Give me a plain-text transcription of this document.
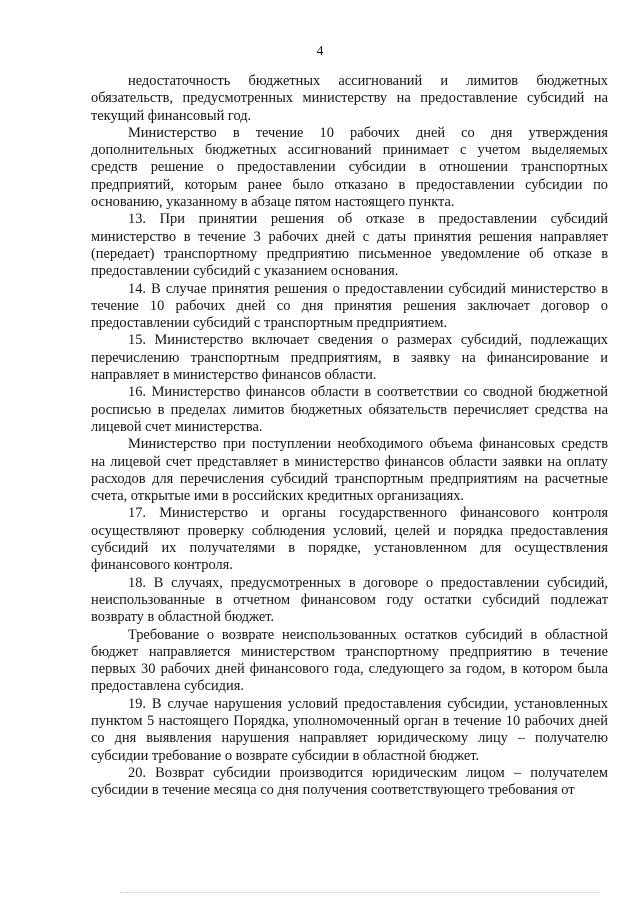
4

недостаточность бюджетных ассигнований и лимитов бюджетных обязательств, предусмотренных министерству на предоставление субсидий на текущий финансовый год.

Министерство в течение 10 рабочих дней со дня утверждения дополнительных бюджетных ассигнований принимает с учетом выделяемых средств решение о предоставлении субсидии в отношении транспортных предприятий, которым ранее было отказано в предоставлении субсидии по основанию, указанному в абзаце пятом настоящего пункта.

13. При принятии решения об отказе в предоставлении субсидий министерство в течение 3 рабочих дней с даты принятия решения направляет (передает) транспортному предприятию письменное уведомление об отказе в предоставлении субсидий с указанием основания.

14. В случае принятия решения о предоставлении субсидий министерство в течение 10 рабочих дней со дня принятия решения заключает договор о предоставлении субсидий с транспортным предприятием.

15. Министерство включает сведения о размерах субсидий, подлежащих перечислению транспортным предприятиям, в заявку на финансирование и направляет в министерство финансов области.

16. Министерство финансов области в соответствии со сводной бюджетной росписью в пределах лимитов бюджетных обязательств перечисляет средства на лицевой счет министерства.

Министерство при поступлении необходимого объема финансовых средств на лицевой счет представляет в министерство финансов области заявки на оплату расходов для перечисления субсидий транспортным предприятиям на расчетные счета, открытые ими в российских кредитных организациях.

17. Министерство и органы государственного финансового контроля осуществляют проверку соблюдения условий, целей и порядка предоставления субсидий их получателями в порядке, установленном для осуществления финансового контроля.

18. В случаях, предусмотренных в договоре о предоставлении субсидий, неиспользованные в отчетном финансовом году остатки субсидий подлежат возврату в областной бюджет.

Требование о возврате неиспользованных остатков субсидий в областной бюджет направляется министерством транспортному предприятию в течение первых 30 рабочих дней финансового года, следующего за годом, в котором была предоставлена субсидия.

19. В случае нарушения условий предоставления субсидии, установленных пунктом 5 настоящего Порядка, уполномоченный орган в течение 10 рабочих дней со дня выявления нарушения направляет юридическому лицу – получателю субсидии требование о возврате субсидии в областной бюджет.

20. Возврат субсидии производится юридическим лицом – получателем субсидии в течение месяца со дня получения соответствующего требования от
